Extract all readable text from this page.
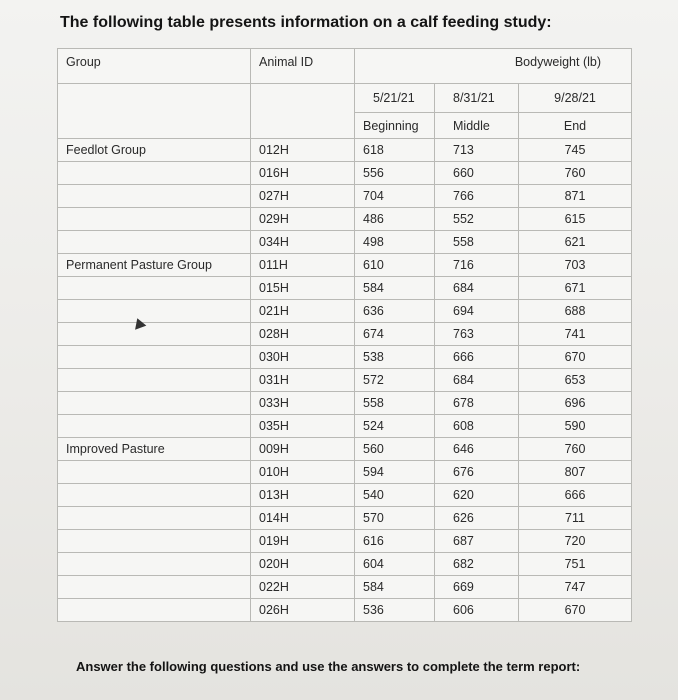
The following table presents information on a calf feeding study:
Group	Animal ID	Bodyweight (lb)		
		5/21/21	8/31/21	9/28/21
		Beginning	Middle	End
Feedlot Group	012H	618	713	745
	016H	556	660	760
	027H	704	766	871
	029H	486	552	615
	034H	498	558	621
Permanent Pasture Group	011H	610	716	703
	015H	584	684	671
	021H	636	694	688
	028H	674	763	741
	030H	538	666	670
	031H	572	684	653
	033H	558	678	696
	035H	524	608	590
Improved Pasture	009H	560	646	760
	010H	594	676	807
	013H	540	620	666
	014H	570	626	711
	019H	616	687	720
	020H	604	682	751
	022H	584	669	747
	026H	536	606	670
Answer the following questions and use the answers to complete the term report:
